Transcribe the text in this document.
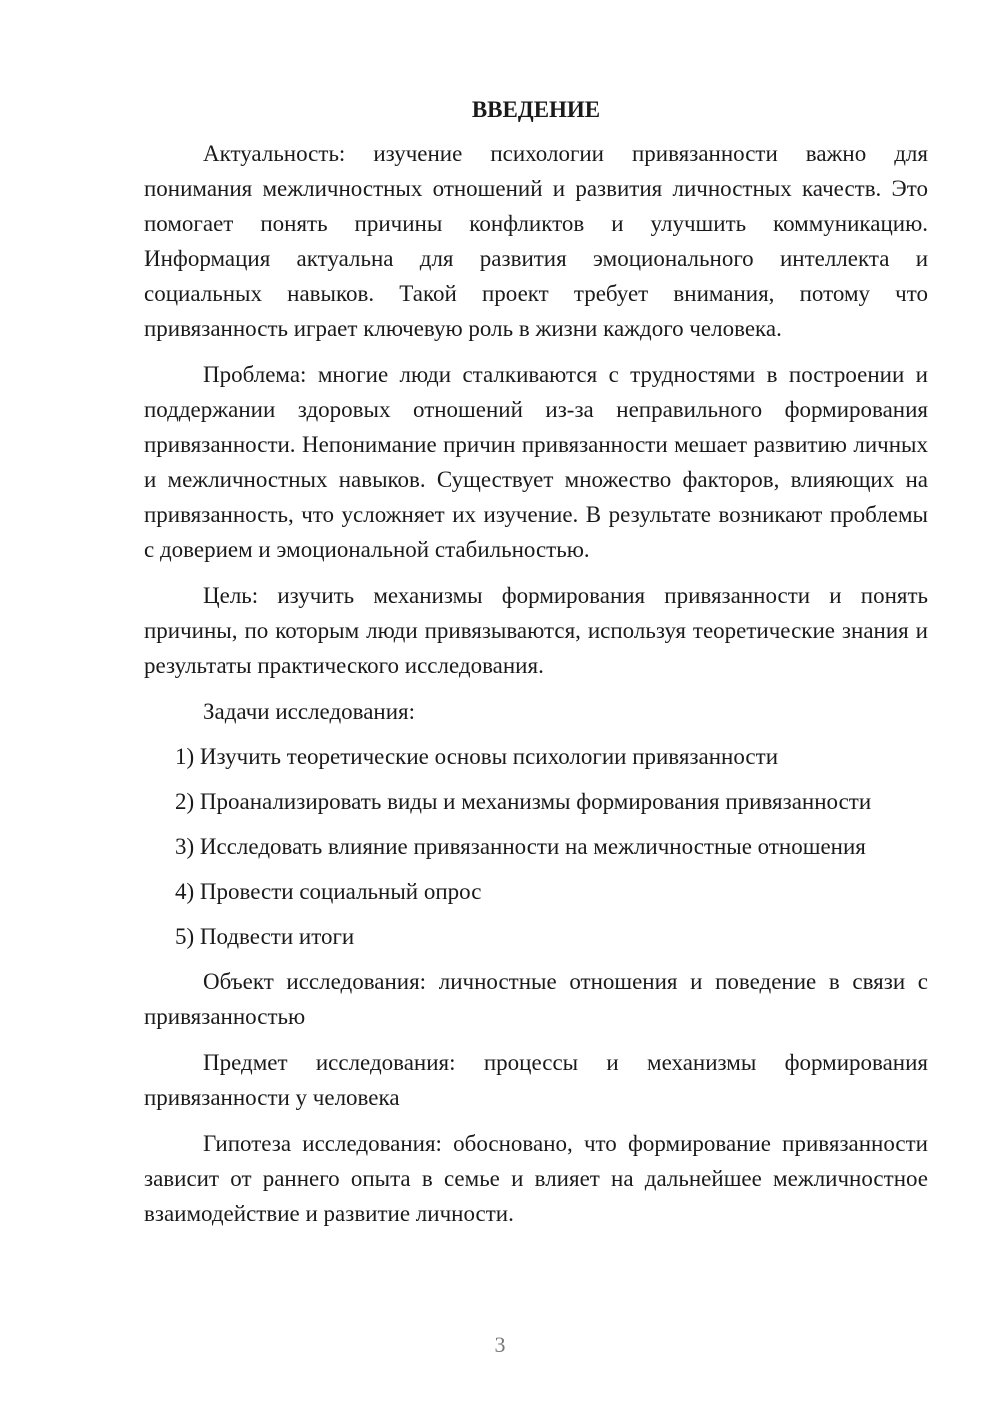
ВВЕДЕНИЕ

Актуальность: изучение психологии привязанности важно для понимания межличностных отношений и развития личностных качеств. Это помогает понять причины конфликтов и улучшить коммуникацию. Информация актуальна для развития эмоционального интеллекта и социальных навыков. Такой проект требует внимания, потому что привязанность играет ключевую роль в жизни каждого человека.

Проблема: многие люди сталкиваются с трудностями в построении и поддержании здоровых отношений из-за неправильного формирования привязанности. Непонимание причин привязанности мешает развитию личных и межличностных навыков. Существует множество факторов, влияющих на привязанность, что усложняет их изучение. В результате возникают проблемы с доверием и эмоциональной стабильностью.

Цель: изучить механизмы формирования привязанности и понять причины, по которым люди привязываются, используя теоретические знания и результаты практического исследования.

Задачи исследования:

1) Изучить теоретические основы психологии привязанности

2) Проанализировать виды и механизмы формирования привязанности

3) Исследовать влияние привязанности на межличностные отношения

4) Провести социальный опрос

5) Подвести итоги

Объект исследования: личностные отношения и поведение в связи с привязанностью

Предмет исследования: процессы и механизмы формирования привязанности у человека

Гипотеза исследования: обосновано, что формирование привязанности зависит от раннего опыта в семье и влияет на дальнейшее межличностное взаимодействие и развитие личности.

3
